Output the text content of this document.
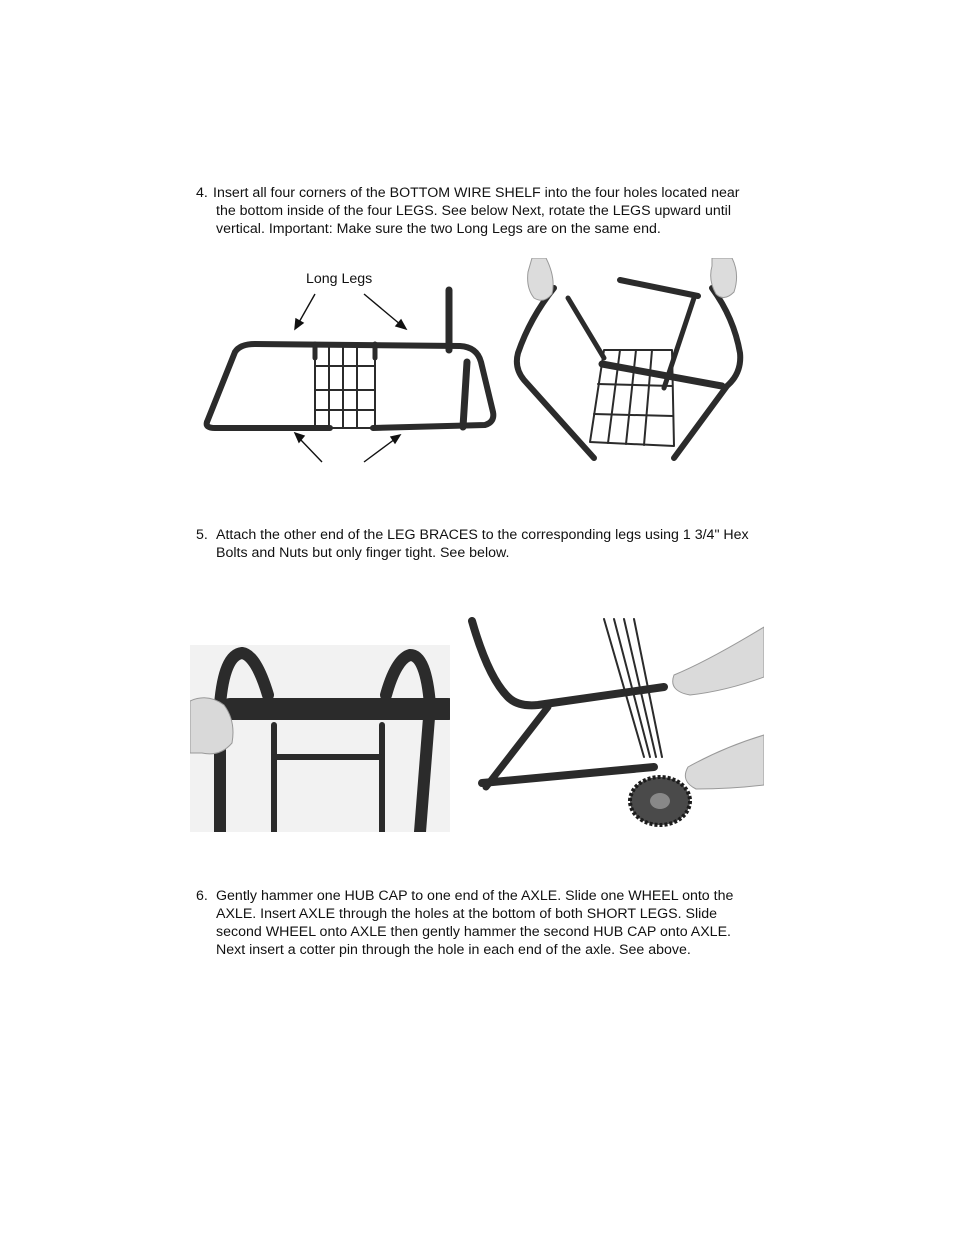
4. Insert all four corners of the BOTTOM WIRE SHELF into the four holes located near the bottom inside of the four LEGS. See below Next, rotate the LEGS upward until vertical. Important: Make sure the two Long Legs are on the same end.
Long Legs
5. Attach the other end of the LEG BRACES to the corresponding legs using 1 3/4" Hex Bolts and Nuts but only finger tight. See below.
6. Gently hammer one HUB CAP to one end of the AXLE. Slide one WHEEL onto the AXLE. Insert AXLE through the holes at the bottom of both SHORT LEGS. Slide second WHEEL onto AXLE then gently hammer the second HUB CAP onto AXLE. Next insert a cotter pin through the hole in each end of the axle. See above.
